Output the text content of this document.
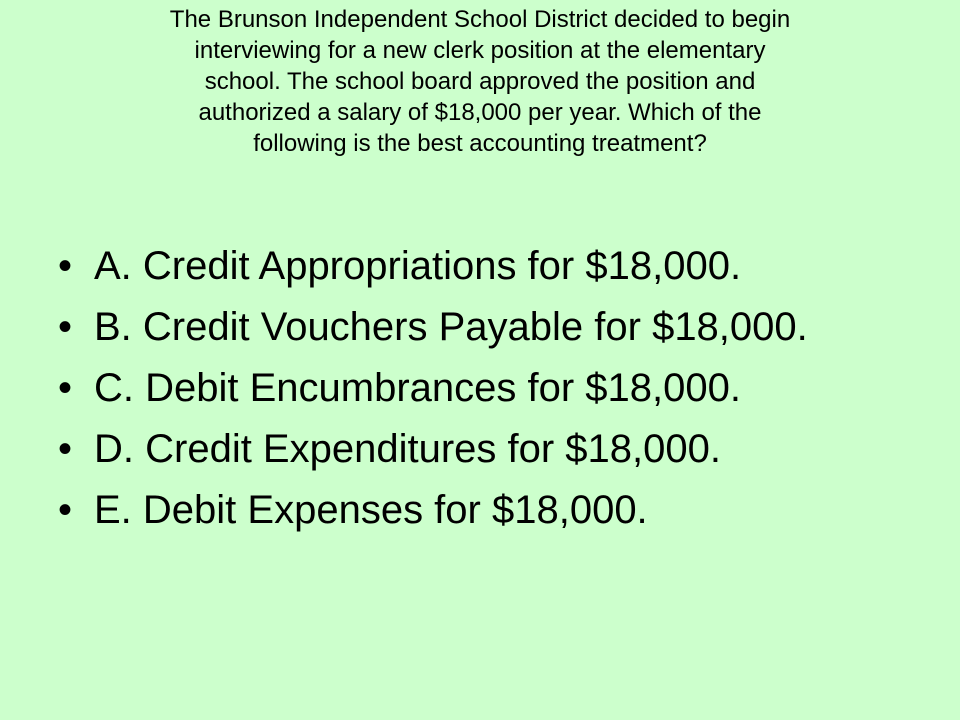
The Brunson Independent School District decided to begin
interviewing for a new clerk position at the elementary
school. The school board approved the position and
authorized a salary of $18,000 per year. Which of the
following is the best accounting treatment?
• A. Credit Appropriations for $18,000.
• B. Credit Vouchers Payable for $18,000.
• C. Debit Encumbrances for $18,000.
• D. Credit Expenditures for $18,000.
• E. Debit Expenses for $18,000.
